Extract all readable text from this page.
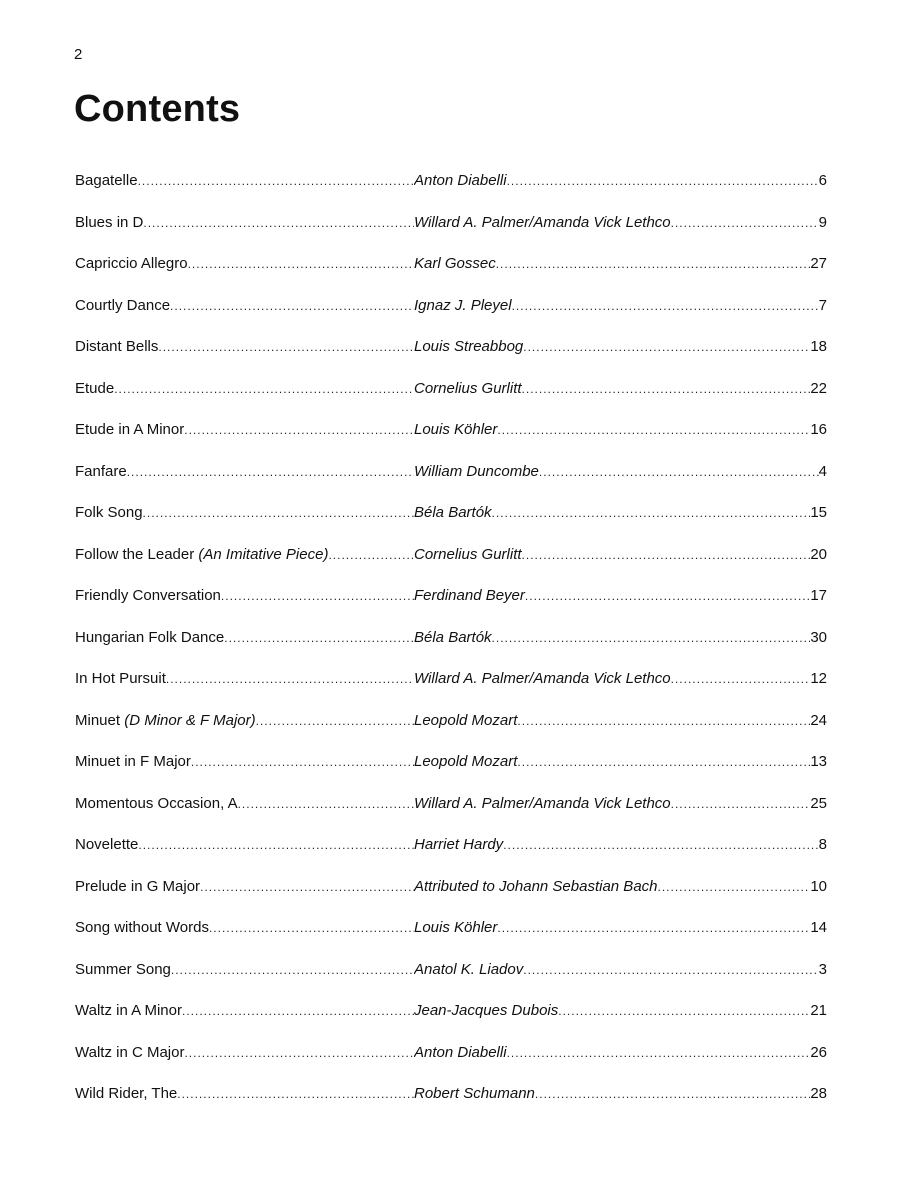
2
Contents
Bagatelle .....	Anton Diabelli .....	6
Blues in D .....	Willard A. Palmer/Amanda Vick Lethco .....	9
Capriccio Allegro .....	Karl Gossec .....	27
Courtly Dance .....	Ignaz J. Pleyel .....	7
Distant Bells .....	Louis Streabbog .....	18
Etude .....	Cornelius Gurlitt .....	22
Etude in A Minor .....	Louis Köhler .....	16
Fanfare .....	William Duncombe .....	4
Folk Song .....	Béla Bartók .....	15
Follow the Leader (An Imitative Piece) .....	Cornelius Gurlitt .....	20
Friendly Conversation .....	Ferdinand Beyer .....	17
Hungarian Folk Dance .....	Béla Bartók .....	30
In Hot Pursuit .....	Willard A. Palmer/Amanda Vick Lethco .....	12
Minuet (D Minor & F Major) .....	Leopold Mozart .....	24
Minuet in F Major .....	Leopold Mozart .....	13
Momentous Occasion, A .....	Willard A. Palmer/Amanda Vick Lethco .....	25
Novelette .....	Harriet Hardy .....	8
Prelude in G Major .....	Attributed to Johann Sebastian Bach .....	10
Song without Words .....	Louis Köhler .....	14
Summer Song .....	Anatol K. Liadov .....	3
Waltz in A Minor .....	Jean-Jacques Dubois .....	21
Waltz in C Major .....	Anton Diabelli .....	26
Wild Rider, The .....	Robert Schumann .....	28
